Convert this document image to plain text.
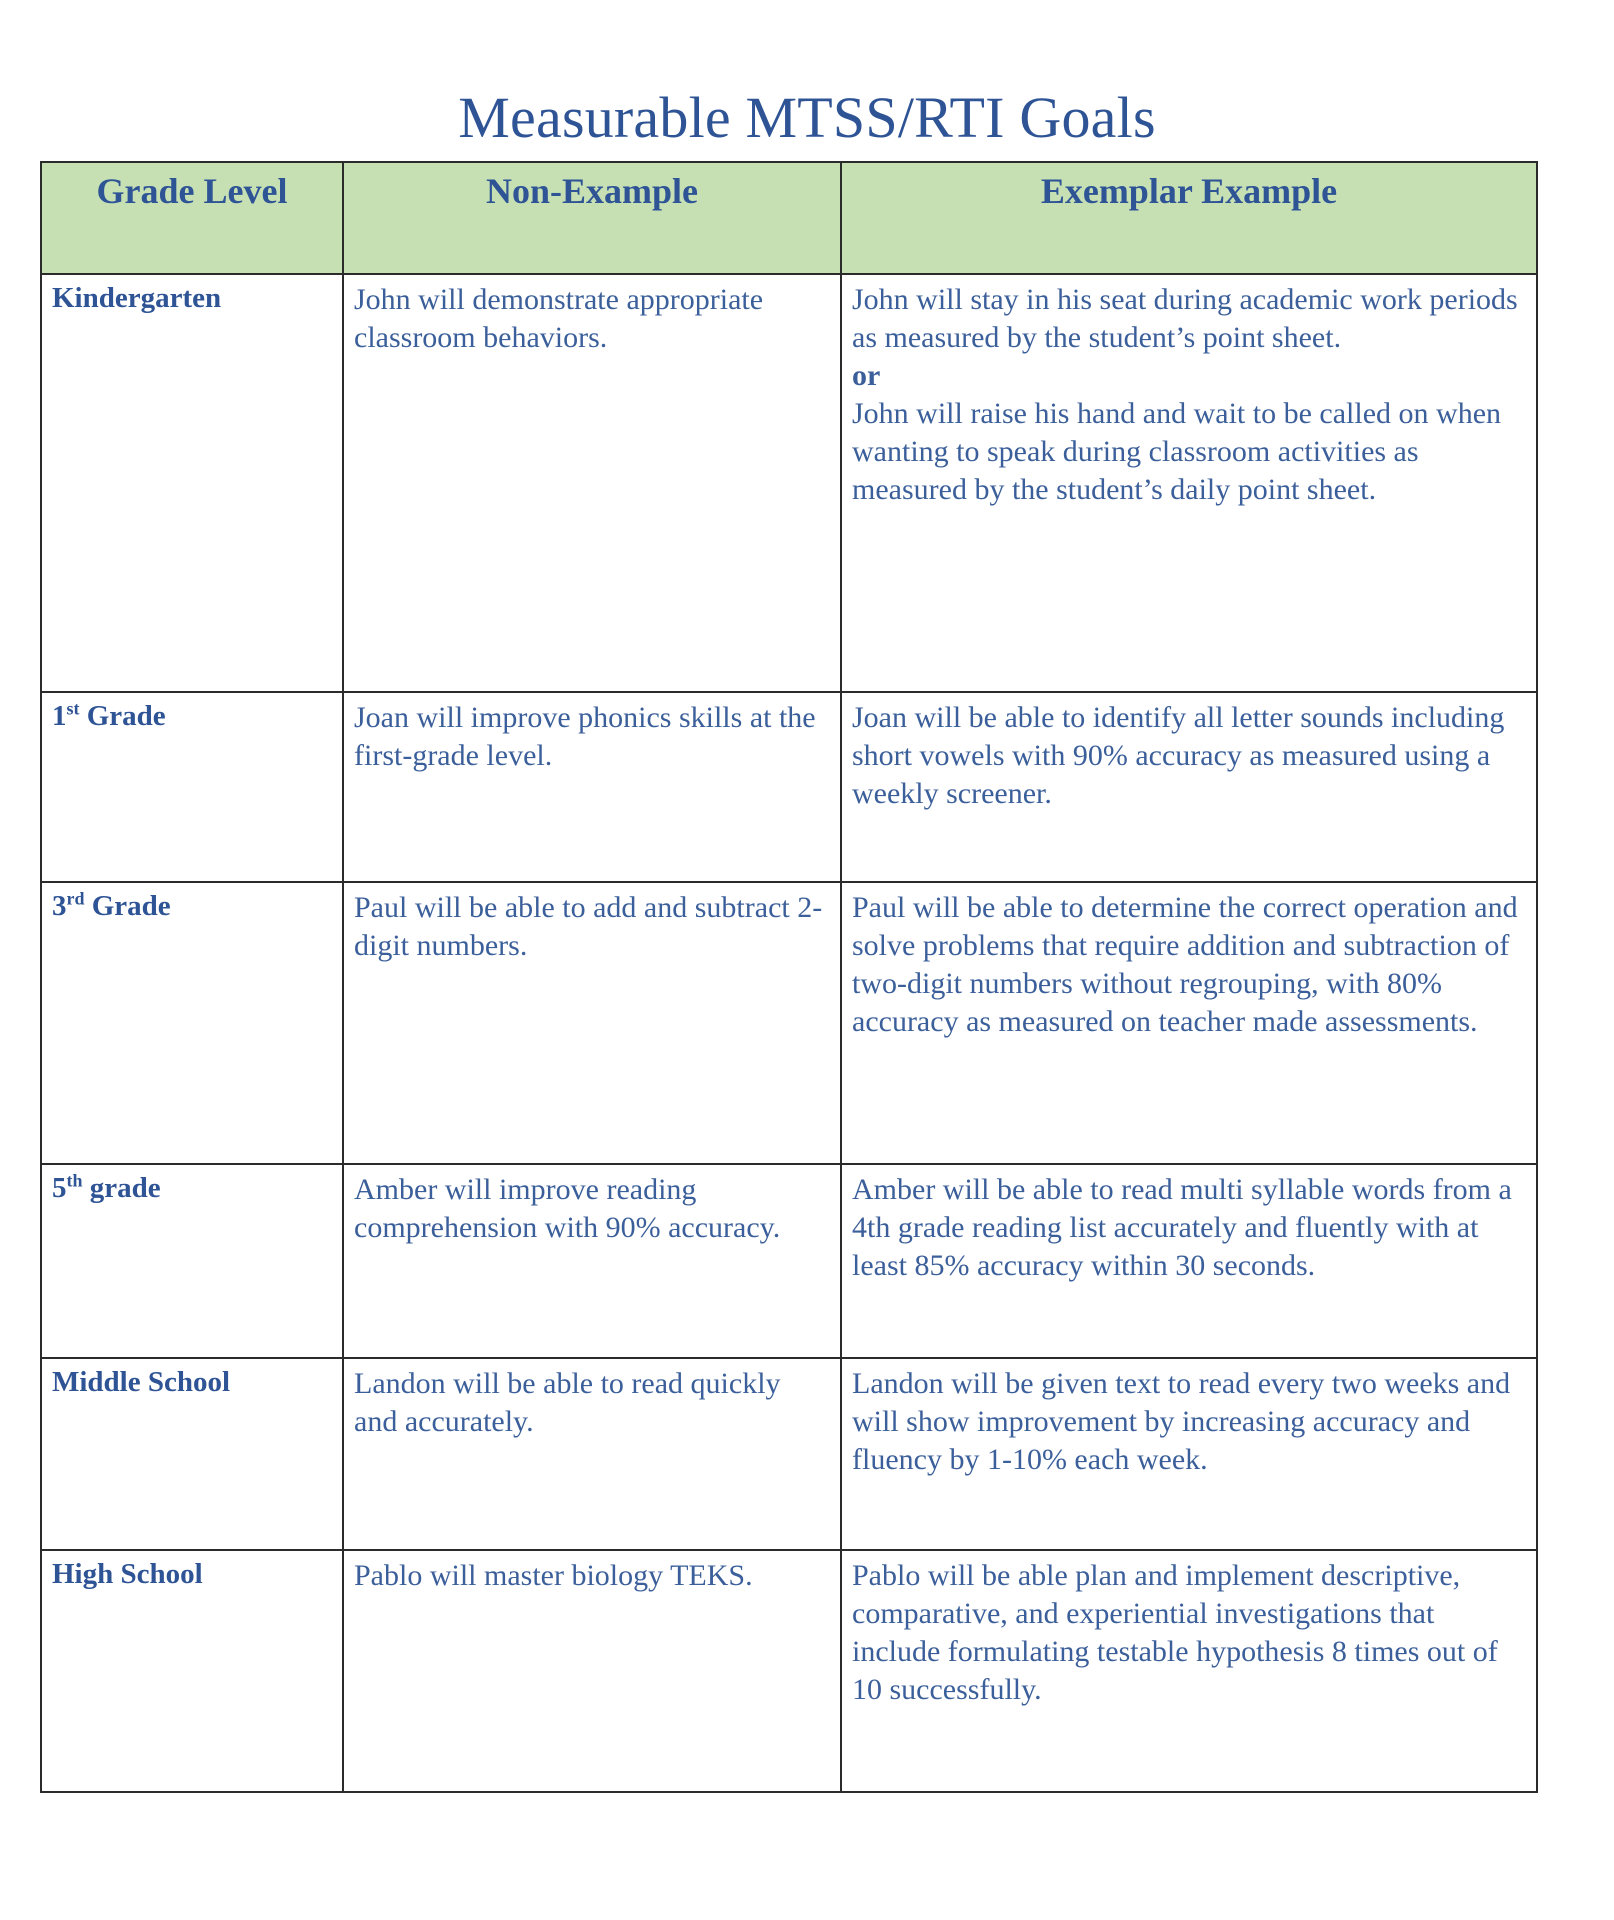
Measurable MTSS/RTI Goals
Grade Level	Non-Example	Exemplar Example
Kindergarten	John will demonstrate appropriate classroom behaviors.	John will stay in his seat during academic work periods as measured by the student’s point sheet.
or
John will raise his hand and wait to be called on when wanting to speak during classroom activities as measured by the student’s daily point sheet.

1st Grade	Joan will improve phonics skills at the first-grade level.	Joan will be able to identify all letter sounds including short vowels with 90% accuracy as measured using a weekly screener.
3rd Grade	Paul will be able to add and subtract 2-digit numbers.	Paul will be able to determine the correct operation and solve problems that require addition and subtraction of two-digit numbers without regrouping, with 80% accuracy as measured on teacher made assessments.
5th grade	Amber will improve reading comprehension with 90% accuracy.	Amber will be able to read multi syllable words from a 4th grade reading list accurately and fluently with at least 85% accuracy within 30 seconds.
Middle School	Landon will be able to read quickly and accurately.	Landon will be given text to read every two weeks and will show improvement by increasing accuracy and fluency by 1-10% each week.
High School	Pablo will master biology TEKS.	Pablo will be able plan and implement descriptive, comparative, and experiential investigations that include formulating testable hypothesis 8 times out of 10 successfully.
